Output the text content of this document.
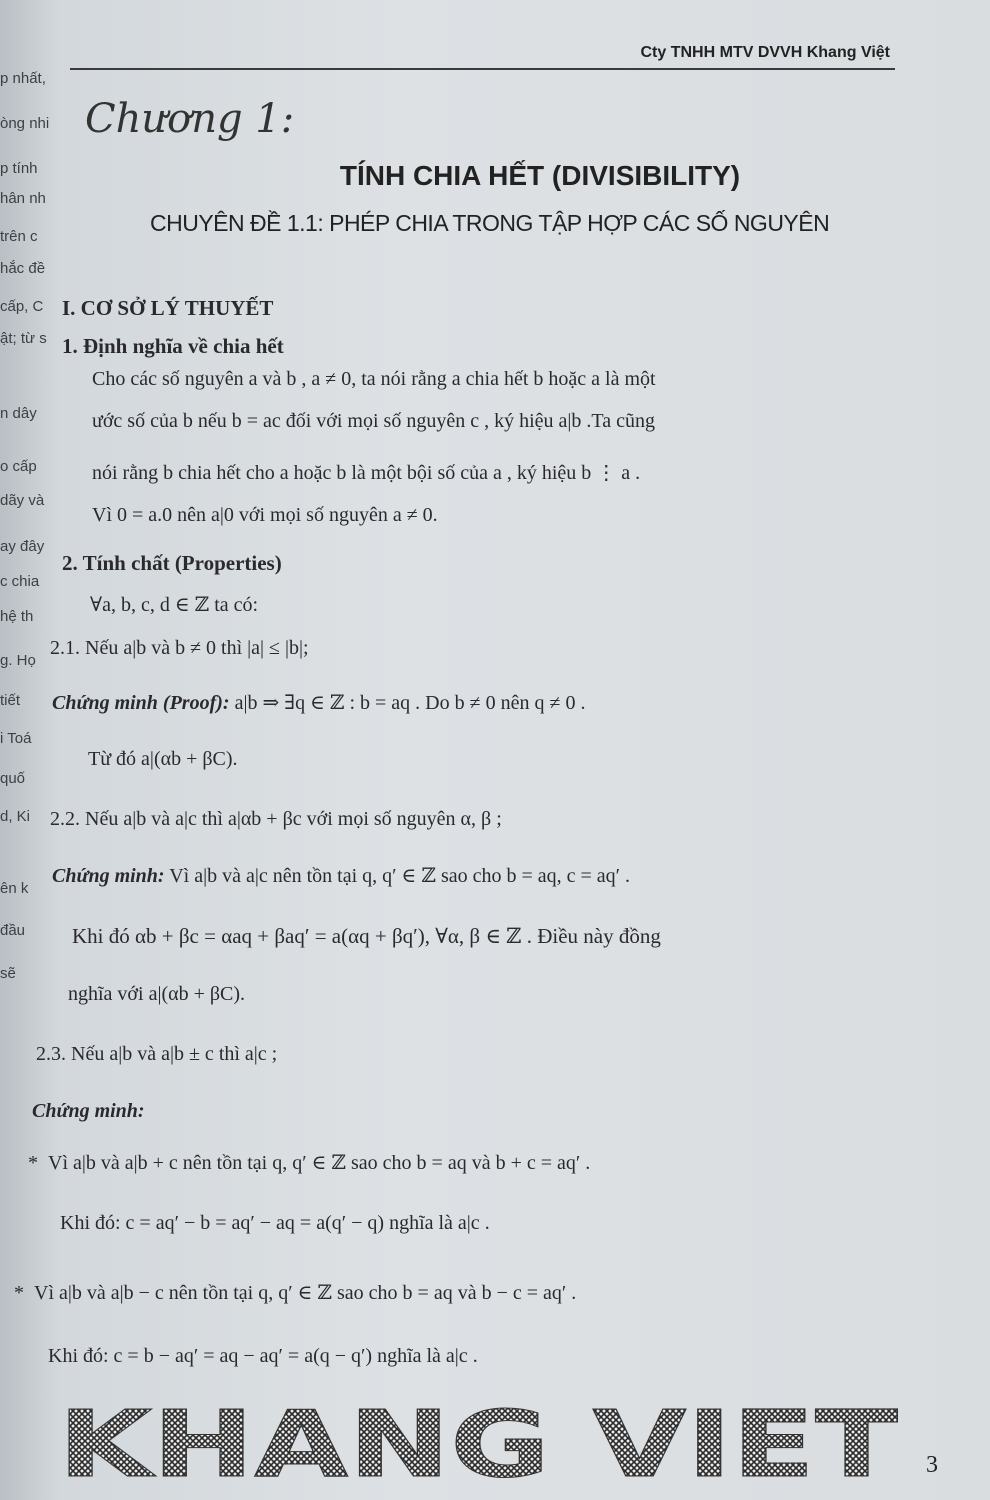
p nhất,
òng nhi
p tính
hân nh
trên c
hắc đề
cấp, C
ật; từ s
n dây
o cấp
dãy và
ay đây
c chia
hệ th
g. Họ
tiết
i Toá
quố
d, Ki
ên k
đầu
sẽ
Cty TNHH MTV DVVH Khang Việt
Chương 1:
TÍNH CHIA HẾT (DIVISIBILITY)
CHUYÊN ĐỀ 1.1: PHÉP CHIA TRONG TẬP HỢP CÁC SỐ NGUYÊN
I. CƠ SỞ LÝ THUYẾT
1. Định nghĩa về chia hết
Cho các số nguyên a và b , a ≠ 0, ta nói rằng a chia hết b hoặc a là một
ước số của b nếu b = ac đối với mọi số nguyên c , ký hiệu a|b .Ta cũng
nói rằng b chia hết cho a hoặc b là một bội số của a , ký hiệu b ⋮ a .
Vì 0 = a.0 nên a|0 với mọi số nguyên a ≠ 0.
2. Tính chất (Properties)
∀a, b, c, d ∈ ℤ ta có:
2.1. Nếu a|b và b ≠ 0 thì |a| ≤ |b|;
Chứng minh (Proof): a|b ⇒ ∃q ∈ ℤ : b = aq . Do b ≠ 0 nên q ≠ 0 .
Từ đó a|(αb + βC).
2.2. Nếu a|b và a|c thì a|αb + βc với mọi số nguyên α, β ;
Chứng minh: Vì a|b và a|c nên tồn tại q, q′ ∈ ℤ sao cho b = aq, c = aq′ .
Khi đó αb + βc = αaq + βaq′ = a(αq + βq′), ∀α, β ∈ ℤ . Điều này đồng
nghĩa với a|(αb + βC).
2.3. Nếu a|b và a|b ± c thì a|c ;
Chứng minh:
* Vì a|b và a|b + c nên tồn tại q, q′ ∈ ℤ sao cho b = aq và b + c = aq′ .
Khi đó: c = aq′ − b = aq′ − aq = a(q′ − q) nghĩa là a|c .
* Vì a|b và a|b − c nên tồn tại q, q′ ∈ ℤ sao cho b = aq và b − c = aq′ .
Khi đó: c = b − aq′ = aq − aq′ = a(q − q′) nghĩa là a|c .
KHANG VIET 3
